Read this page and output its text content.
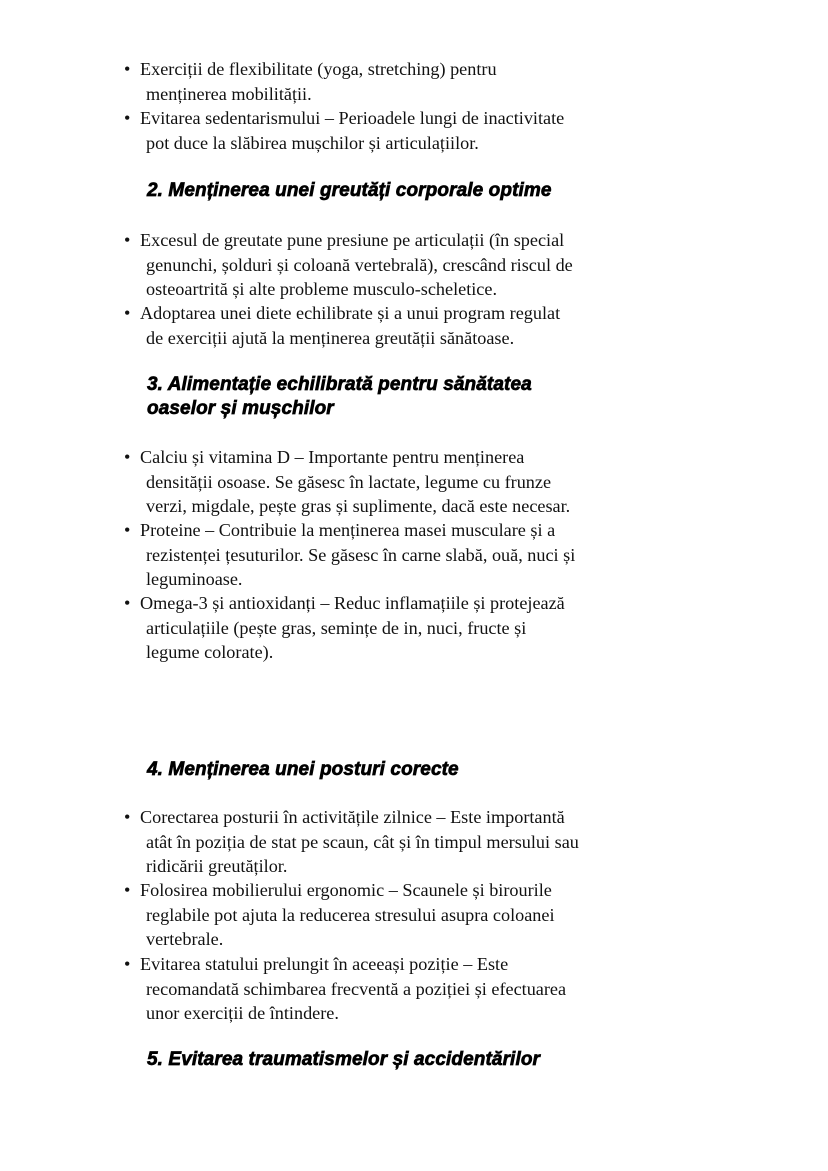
• Exerciții de flexibilitate (yoga, stretching) pentru
menținerea mobilității.
• Evitarea sedentarismului – Perioadele lungi de inactivitate
pot duce la slăbirea mușchilor și articulațiilor.
2. Menținerea unei greutăți corporale optime
• Excesul de greutate pune presiune pe articulații (în special
genunchi, șolduri și coloană vertebrală), crescând riscul de
osteoartrită și alte probleme musculo-scheletice.
• Adoptarea unei diete echilibrate și a unui program regulat
de exerciții ajută la menținerea greutății sănătoase.
3. Alimentație echilibrată pentru sănătatea
oaselor și mușchilor
• Calciu și vitamina D – Importante pentru menținerea
densității osoase. Se găsesc în lactate, legume cu frunze
verzi, migdale, pește gras și suplimente, dacă este necesar.
• Proteine – Contribuie la menținerea masei musculare și a
rezistenței țesuturilor. Se găsesc în carne slabă, ouă, nuci și
leguminoase.
• Omega-3 și antioxidanți – Reduc inflamațiile și protejează
articulațiile (pește gras, semințe de in, nuci, fructe și
legume colorate).
4. Menținerea unei posturi corecte
• Corectarea posturii în activitățile zilnice – Este importantă
atât în poziția de stat pe scaun, cât și în timpul mersului sau
ridicării greutăților.
• Folosirea mobilierului ergonomic – Scaunele și birourile
reglabile pot ajuta la reducerea stresului asupra coloanei
vertebrale.
• Evitarea statului prelungit în aceeași poziție – Este
recomandată schimbarea frecventă a poziției și efectuarea
unor exerciții de întindere.
5. Evitarea traumatismelor și accidentărilor
